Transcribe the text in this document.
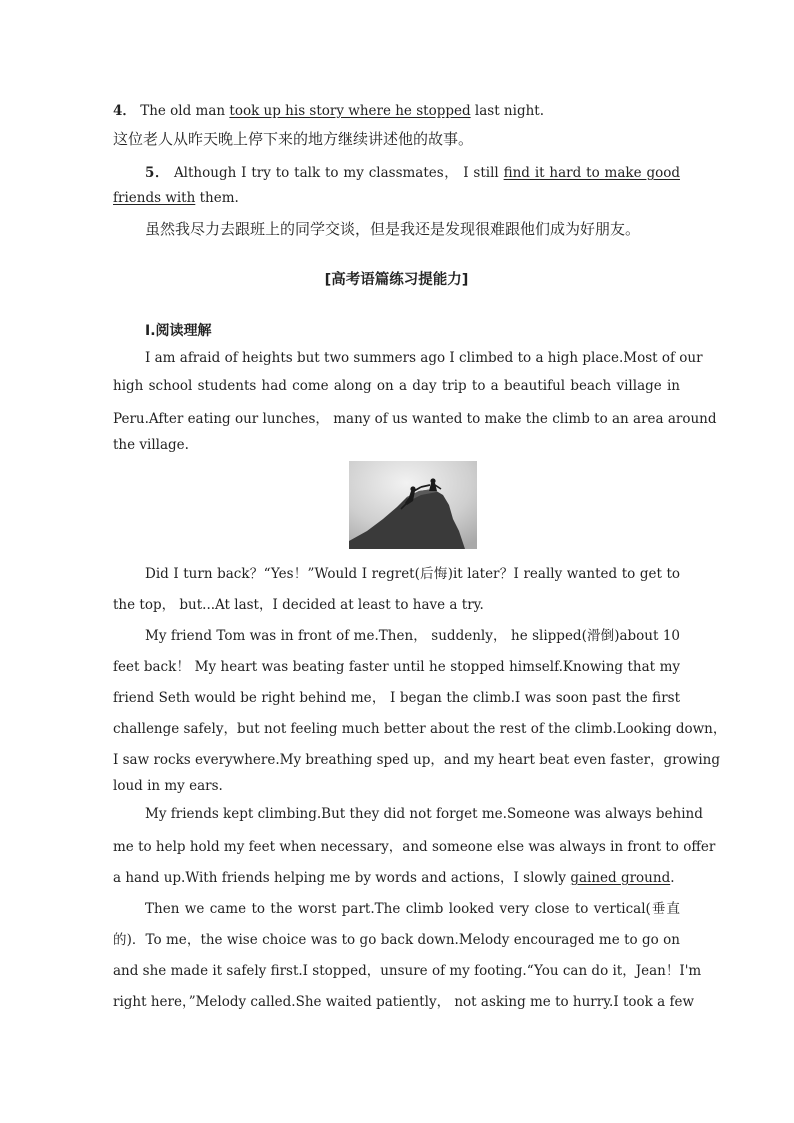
4． The old man took up his story where he stopped last night.
这位老人从昨天晚上停下来的地方继续讲述他的故事。
5． Although I try to talk to my classmates， I still find it hard to make good
friends with them.
虽然我尽力去跟班上的同学交谈，但是我还是发现很难跟他们成为好朋友。
[高考语篇练习提能力]
Ⅰ.阅读理解
I am afraid of heights but two summers ago I climbed to a high place.Most of our
high school students had come along on a day trip to a beautiful beach village in
Peru.After eating our lunches， many of us wanted to make the climb to an area around
the village.
Did I turn back？“Yes！”Would I regret(后悔)it later？I really wanted to get to
the top， but...At last，I decided at least to have a try.
My friend Tom was in front of me.Then， suddenly， he slipped(滑倒)about 10
feet back！ My heart was beating faster until he stopped himself.Knowing that my
friend Seth would be right behind me， I began the climb.I was soon past the first
challenge safely，but not feeling much better about the rest of the climb.Looking down，
I saw rocks everywhere.My breathing sped up，and my heart beat even faster，growing
loud in my ears.
My friends kept climbing.But they did not forget me.Someone was always behind
me to help hold my feet when necessary，and someone else was always in front to offer
a hand up.With friends helping me by words and actions，I slowly gained ground.
Then we came to the worst part.The climb looked very close to vertical(垂直
的)．To me，the wise choice was to go back down.Melody encouraged me to go on
and she made it safely first.I stopped，unsure of my footing.“You can do it，Jean！I'm
right here，”Melody called.She waited patiently， not asking me to hurry.I took a few
